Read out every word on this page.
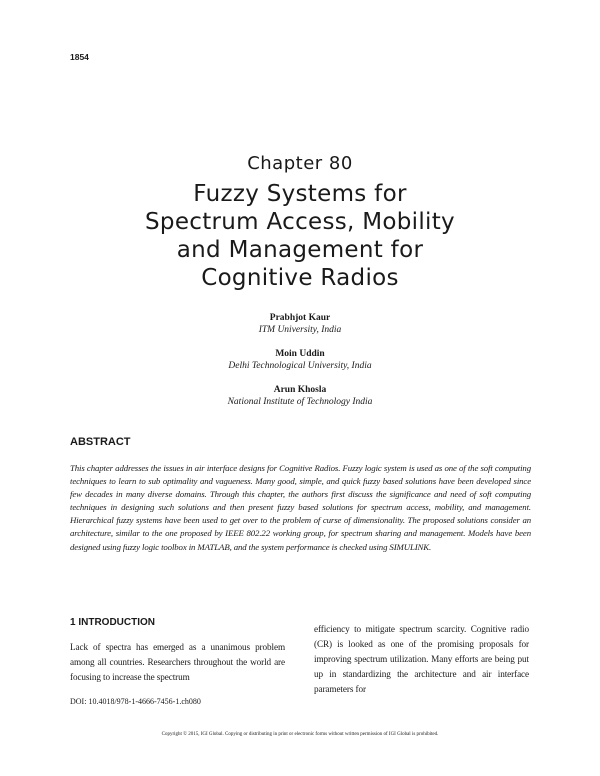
1854
Chapter 80
Fuzzy Systems for
Spectrum Access, Mobility
and Management for
Cognitive Radios
Prabhjot Kaur
ITM University, India
Moin Uddin
Delhi Technological University, India
Arun Khosla
National Institute of Technology India
ABSTRACT
This chapter addresses the issues in air interface designs for Cognitive Radios. Fuzzy logic system is used as one of the soft computing techniques to learn to sub optimality and vagueness. Many good, simple, and quick fuzzy based solutions have been developed since few decades in many diverse domains. Through this chapter, the authors first discuss the significance and need of soft computing techniques in designing such solutions and then present fuzzy based solutions for spectrum access, mobility, and management. Hierarchical fuzzy systems have been used to get over to the problem of curse of dimensionality. The proposed solutions consider an architecture, similar to the one proposed by IEEE 802.22 working group, for spectrum sharing and management. Models have been designed using fuzzy logic toolbox in MATLAB, and the system performance is checked using SIMULINK.
1 INTRODUCTION
Lack of spectra has emerged as a unanimous problem among all countries. Researchers throughout the world are focusing to increase the spectrum
efficiency to mitigate spectrum scarcity. Cognitive radio (CR) is looked as one of the promising proposals for improving spectrum utilization. Many efforts are being put up in standardizing the architecture and air interface parameters for
DOI: 10.4018/978-1-4666-7456-1.ch080
Copyright © 2015, IGI Global. Copying or distributing in print or electronic forms without written permission of IGI Global is prohibited.
